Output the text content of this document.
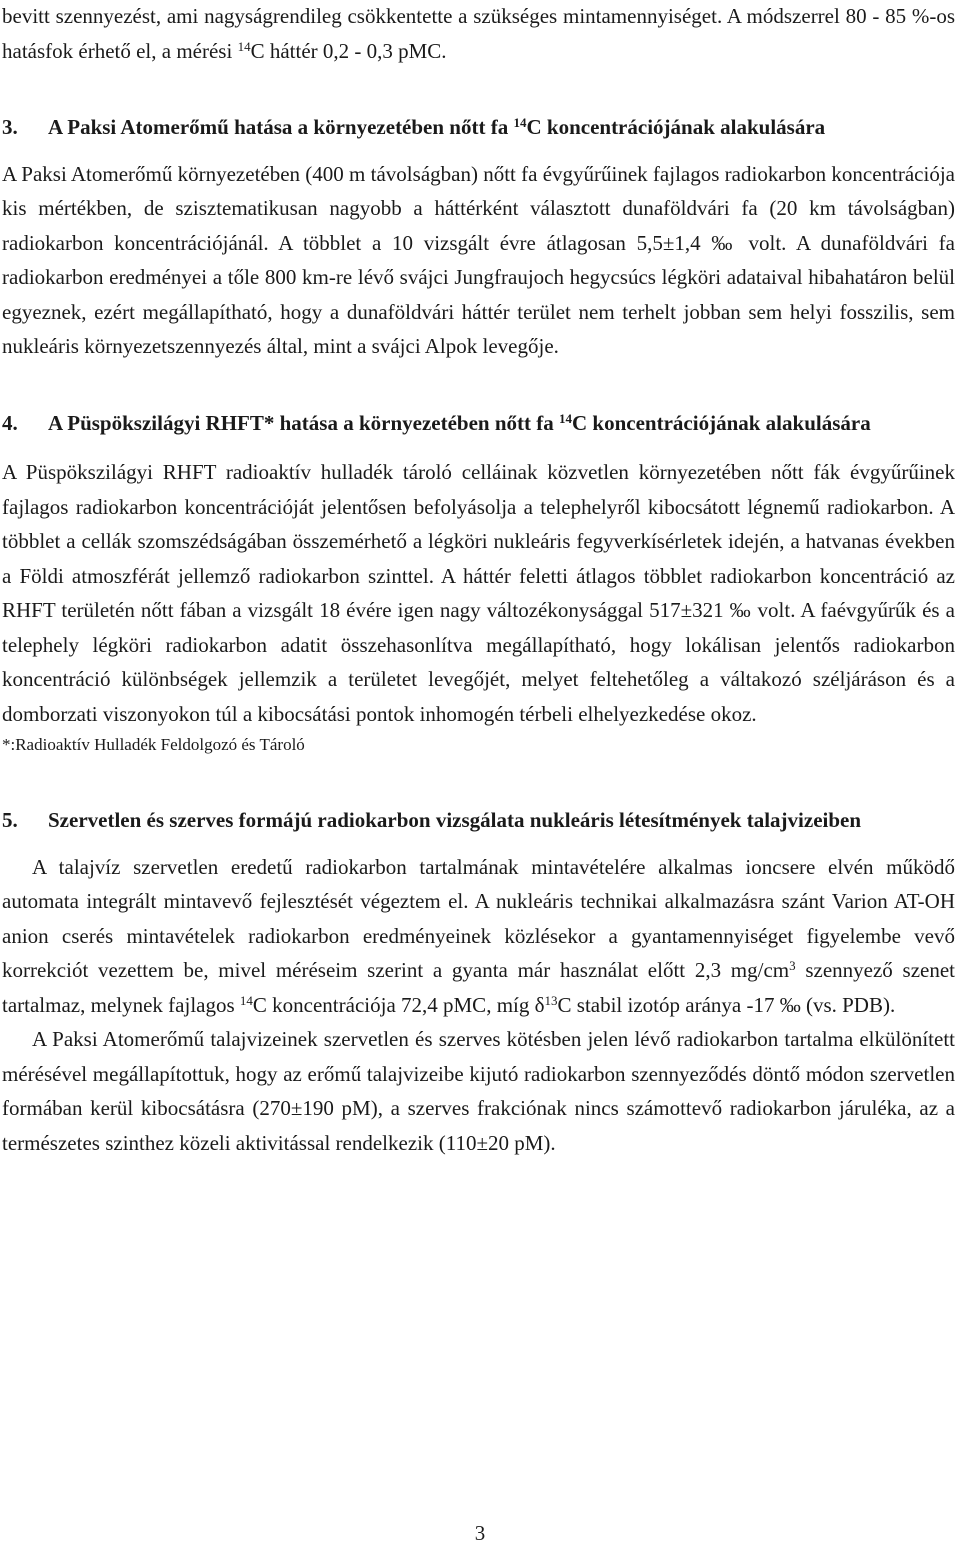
bevitt szennyezést, ami nagyságrendileg csökkentette a szükséges mintamennyiséget. A módszerrel 80 - 85 %-os hatásfok érhető el, a mérési $^{14}$C háttér 0,2 - 0,3 pMC.

3.	A Paksi Atomerőmű hatása a környezetében nőtt fa $^{14}$C koncentrációjának alakulására

A Paksi Atomerőmű környezetében (400 m távolságban) nőtt fa évgyűrűinek fajlagos radiokarbon koncentrációja kis mértékben, de szisztematikusan nagyobb a háttérként választott dunaföldvári fa (20 km távolságban) radiokarbon koncentrációjánál. A többlet a 10 vizsgált évre átlagosan 5,5±1,4 ‰ volt. A dunaföldvári fa radiokarbon eredményei a tőle 800 km-re lévő svájci Jungfraujoch hegycsúcs légköri adataival hibahatáron belül egyeznek, ezért megállapítható, hogy a dunaföldvári háttér terület nem terhelt jobban sem helyi fosszilis, sem nukleáris környezetszennyezés által, mint a svájci Alpok levegője.

4.	A Püspökszilágyi RHFT* hatása a környezetében nőtt fa $^{14}$C koncentrációjának alakulására

A Püspökszilágyi RHFT radioaktív hulladék tároló celláinak közvetlen környezetében nőtt fák évgyűrűinek fajlagos radiokarbon koncentrációját jelentősen befolyásolja a telephelyről kibocsátott légnemű radiokarbon. A többlet a cellák szomszédságában összemérhető a légköri nukleáris fegyverkísérletek idején, a hatvanas években a Földi atmoszférát jellemző radiokarbon szinttel. A háttér feletti átlagos többlet radiokarbon koncentráció az RHFT területén nőtt fában a vizsgált 18 évére igen nagy változékonysággal 517±321 ‰ volt. A faévgyűrűk és a telephely légköri radiokarbon adatit összehasonlítva megállapítható, hogy lokálisan jelentős radiokarbon koncentráció különbségek jellemzik a területet levegőjét, melyet feltehetőleg a váltakozó széljáráson és a domborzati viszonyokon túl a kibocsátási pontok inhomogén térbeli elhelyezkedése okoz.

*:Radioaktív Hulladék Feldolgozó és Tároló

5.	Szervetlen és szerves formájú radiokarbon vizsgálata nukleáris létesítmények talajvizeiben

A talajvíz szervetlen eredetű radiokarbon tartalmának mintavételére alkalmas ioncsere elvén működő automata integrált mintavevő fejlesztését végeztem el. A nukleáris technikai alkalmazásra szánt Varion AT-OH anion cserés mintavételek radiokarbon eredményeinek közlésekor a gyantamennyiséget figyelembe vevő korrekciót vezettem be, mivel méréseim szerint a gyanta már használat előtt 2,3 $mg/cm^3$ szennyező szenet tartalmaz, melynek fajlagos $^{14}$C koncentrációja 72,4 pMC, míg $\delta^{13}C$ stabil izotóp aránya -17 ‰ (vs. PDB).

A Paksi Atomerőmű talajvizeinek szervetlen és szerves kötésben jelen lévő radiokarbon tartalma elkülönített mérésével megállapítottuk, hogy az erőmű talajvizeibe kijutó radiokarbon szennyeződés döntő módon szervetlen formában kerül kibocsátásra (270±190 pM), a szerves frakciónak nincs számottevő radiokarbon járuléka, az a természetes szinthez közeli aktivitással rendelkezik (110±20 pM).

3
